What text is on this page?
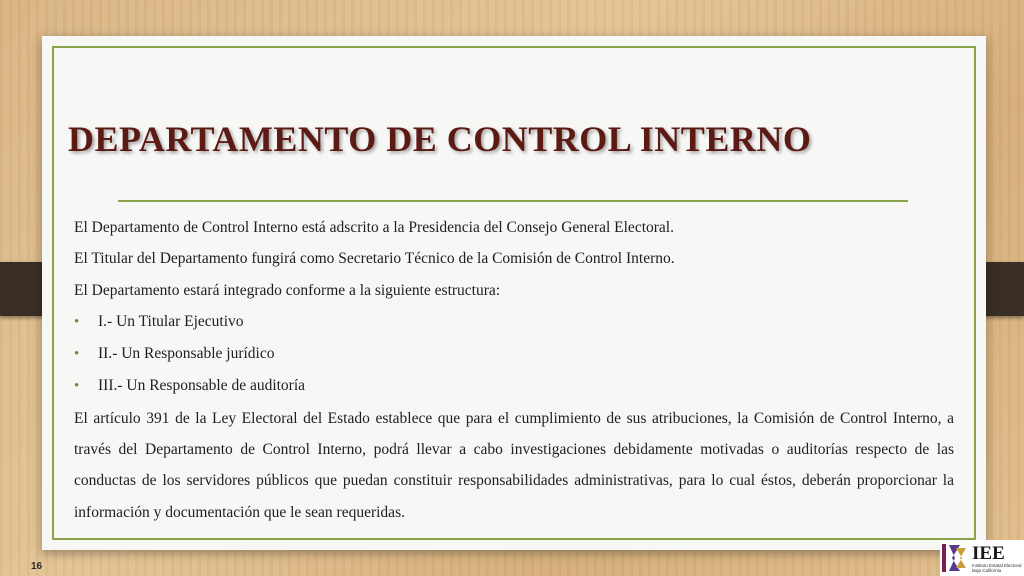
DEPARTAMENTO DE CONTROL INTERNO

El Departamento de Control Interno está adscrito a la Presidencia del Consejo General Electoral.

El Titular del Departamento fungirá como Secretario Técnico de la Comisión de Control Interno.

El Departamento estará integrado conforme a la siguiente estructura:

•	I.- Un Titular Ejecutivo
•	II.- Un Responsable jurídico
•	III.- Un Responsable de auditoría

El artículo 391 de la Ley Electoral del Estado establece que para el cumplimiento de sus atribuciones, la Comisión de Control Interno, a través del Departamento de Control Interno, podrá llevar a cabo investigaciones debidamente motivadas o auditorías respecto de las conductas de los servidores públicos que puedan constituir responsabilidades administrativas, para lo cual éstos, deberán proporcionar la información y documentación que le sean requeridas.

16
IEE
Instituto Estatal Electoral
Baja California
